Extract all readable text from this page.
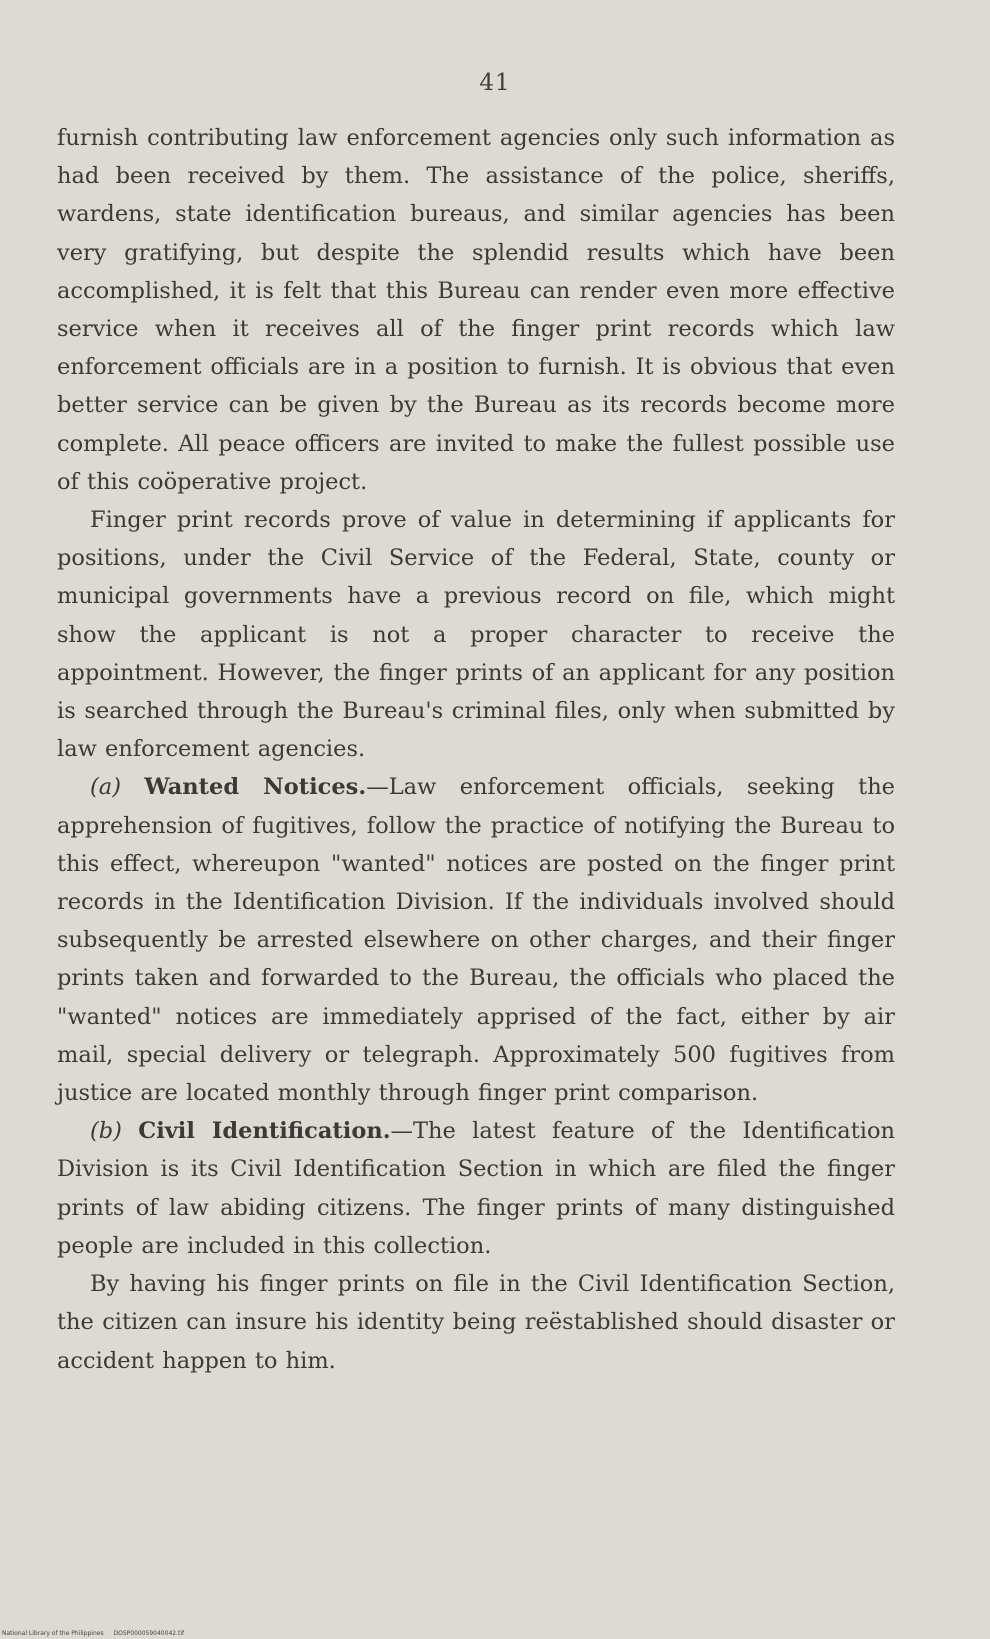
41

furnish contributing law enforcement agencies only such information as had been received by them. The assistance of the police, sheriffs, wardens, state identification bureaus, and similar agencies has been very gratifying, but despite the splendid results which have been accomplished, it is felt that this Bureau can render even more effective service when it receives all of the finger print records which law enforcement officials are in a position to furnish. It is obvious that even better service can be given by the Bureau as its records become more complete. All peace officers are invited to make the fullest possible use of this coöperative project.

Finger print records prove of value in determining if applicants for positions, under the Civil Service of the Federal, State, county or municipal governments have a previous record on file, which might show the applicant is not a proper character to receive the appointment. However, the finger prints of an applicant for any position is searched through the Bureau's criminal files, only when submitted by law enforcement agencies.

(a) Wanted Notices.—Law enforcement officials, seeking the apprehension of fugitives, follow the practice of notifying the Bureau to this effect, whereupon "wanted" notices are posted on the finger print records in the Identification Division. If the individuals involved should subsequently be arrested elsewhere on other charges, and their finger prints taken and forwarded to the Bureau, the officials who placed the "wanted" notices are immediately apprised of the fact, either by air mail, special delivery or telegraph. Approximately 500 fugitives from justice are located monthly through finger print comparison.

(b) Civil Identification.—The latest feature of the Identification Division is its Civil Identification Section in which are filed the finger prints of law abiding citizens. The finger prints of many distinguished people are included in this collection.

By having his finger prints on file in the Civil Identification Section, the citizen can insure his identity being reëstablished should disaster or accident happen to him.

National Library of the Philippines DOSP000059040042.tif
